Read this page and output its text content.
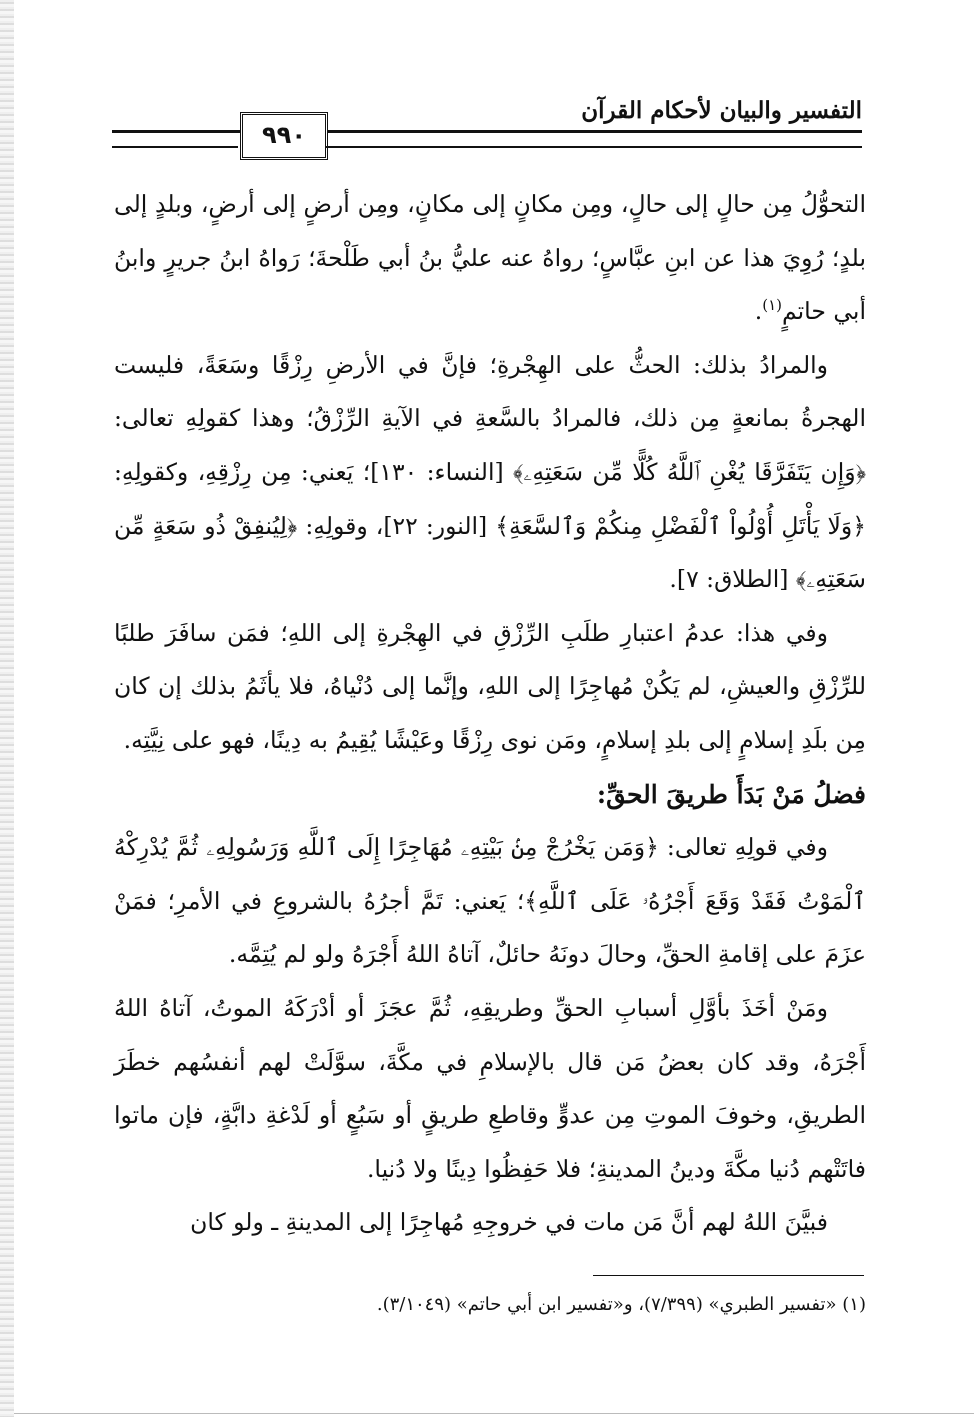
التفسير والبيان لأحكام القرآن
٩٩٠

التحوُّلُ مِن حالٍ إلى حالٍ، ومِن مكانٍ إلى مكانٍ، ومِن أرضٍ إلى أرضٍ، وبلدٍ إلى بلدٍ؛ رُوِيَ هذا عن ابنِ عبَّاسٍ؛ رواهُ عنه عليُّ بنُ أبي طَلْحةَ؛ رَواهُ ابنُ جريرٍ وابنُ أبي حاتمٍ$^{(١)}$.

والمرادُ بذلك: الحثُّ على الهِجْرةِ؛ فإنَّ في الأرضِ رِزْقًا وسَعَةً، فليست الهجرةُ بمانعةٍ مِن ذلك، فالمرادُ بالسَّعةِ في الآيةِ الرِّزْقُ؛ وهذا كقولِهِ تعالى: ﴿وَإِن يَتَفَرَّقَا يُغْنِ ٱللَّهُ كُلًّا مِّن سَعَتِهِۦ﴾ [النساء: ١٣٠]؛ يَعني: مِن رِزْقِهِ، وكقولِهِ: ﴿وَلَا يَأْتَلِ أُوْلُواْ ٱلْفَضْلِ مِنكُمْ وَٱلسَّعَةِ﴾ [النور: ٢٢]، وقولِهِ: ﴿لِيُنفِقْ ذُو سَعَةٍ مِّن سَعَتِهِۦ﴾ [الطلاق: ٧].

وفي هذا: عدمُ اعتبارِ طلَبِ الرِّزْقِ في الهِجْرةِ إلى اللهِ؛ فمَن سافَرَ طلبًا للرِّزْقِ والعيشِ، لم يَكُنْ مُهاجِرًا إلى اللهِ، وإنَّما إلى دُنْياهُ، فلا يأثَمُ بذلك إن كان مِن بلَدِ إسلامٍ إلى بلدِ إسلامٍ، ومَن نوى رِزْقًا وعَيْشًا يُقِيمُ به دِينًا، فهو على نِيَّتِه.

فضلُ مَنْ بَدَأَ طريقَ الحقِّ:

وفي قولِهِ تعالى: ﴿وَمَن يَخْرُجْ مِنۢ بَيْتِهِۦ مُهَاجِرًا إِلَى ٱللَّهِ وَرَسُولِهِۦ ثُمَّ يُدْرِكْهُ ٱلْمَوْتُ فَقَدْ وَقَعَ أَجْرُهُۥ عَلَى ٱللَّهِ﴾؛ يَعني: تَمَّ أجرُهُ بالشروعِ في الأمرِ؛ فمَنْ عزَمَ على إقامةِ الحقِّ، وحالَ دونَهُ حائلٌ، آتاهُ اللهُ أَجْرَهُ ولو لم يُتِمَّه.

ومَنْ أخَذَ بأوَّلِ أسبابِ الحقِّ وطريقِهِ، ثُمَّ عجَزَ أو أدْرَكَهُ الموتُ، آتاهُ اللهُ أَجْرَهُ، وقد كان بعضُ مَن قال بالإسلامِ في مكَّةَ، سوَّلَتْ لهم أنفسُهم خطَرَ الطريقِ، وخوفَ الموتِ مِن عدوٍّ وقاطعِ طريقٍ أو سَبُعٍ أو لَدْغةِ دابَّةٍ، فإن ماتوا فاتَتْهم دُنيا مكَّةَ ودينُ المدينةِ؛ فلا حَفِظُوا دِينًا ولا دُنيا.

فبيَّنَ اللهُ لهم أنَّ مَن مات في خروجِهِ مُهاجِرًا إلى المدينةِ ـ ولو كان

(١) «تفسير الطبري» (٧/٣٩٩)، و«تفسير ابن أبي حاتم» (٣/١٠٤٩).
